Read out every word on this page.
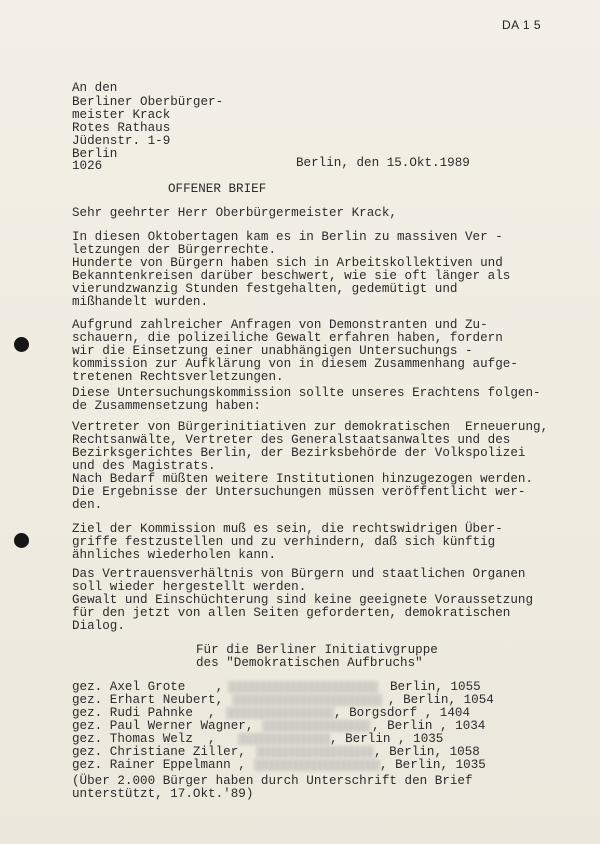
DA 1 5
An den
Berliner Oberbürger-
meister Krack
Rotes Rathaus
Jüdenstr. 1-9
Berlin
1026	Berlin, den 15.Okt.1989
OFFENER BRIEF
Sehr geehrter Herr Oberbürgermeister Krack,
In diesen Oktobertagen kam es in Berlin zu massiven Ver -
letzungen der Bürgerrechte.
Hunderte von Bürgern haben sich in Arbeitskollektiven und
Bekanntenkreisen darüber beschwert, wie sie oft länger als
vierundzwanzig Stunden festgehalten, gedemütigt und
mißhandelt wurden.
Aufgrund zahlreicher Anfragen von Demonstranten und Zu-
schauern, die polizeiliche Gewalt erfahren haben, fordern
wir die Einsetzung einer unabhängigen Untersuchungs -
kommission zur Aufklärung von in diesem Zusammenhang aufge-
tretenen Rechtsverletzungen.
Diese Untersuchungskommission sollte unseres Erachtens folgen-
de Zusammensetzung haben:
Vertreter von Bürgerinitiativen zur demokratischen  Erneuerung,
Rechtsanwälte, Vertreter des Generalstaatsanwaltes und des
Bezirksgerichtes Berlin, der Bezirksbehörde der Volkspolizei
und des Magistrats.
Nach Bedarf müßten weitere Institutionen hinzugezogen werden.
Die Ergebnisse der Untersuchungen müssen veröffentlicht wer-
den.
Ziel der Kommission muß es sein, die rechtswidrigen Über-
griffe festzustellen und zu verhindern, daß sich künftig
ähnliches wiederholen kann.
Das Vertrauensverhältnis von Bürgern und staatlichen Organen
soll wieder hergestellt werden.
Gewalt und Einschüchterung sind keine geeignete Voraussetzung
für den jetzt von allen Seiten geforderten, demokratischen
Dialog.
Für die Berliner Initiativgruppe
des "Demokratischen Aufbruchs"
gez. Axel Grote    ,	Berlin, 1055
gez. Erhart Neubert,	, Berlin, 1054
gez. Rudi Pahnke  ,	, Borgsdorf , 1404
gez. Paul Werner Wagner,	, Berlin , 1034
gez. Thomas Welz  ,	, Berlin , 1035
gez. Christiane Ziller,	, Berlin, 1058
gez. Rainer Eppelmann ,	, Berlin, 1035
(Über 2.000 Bürger haben durch Unterschrift den Brief
unterstützt, 17.Okt.'89)
